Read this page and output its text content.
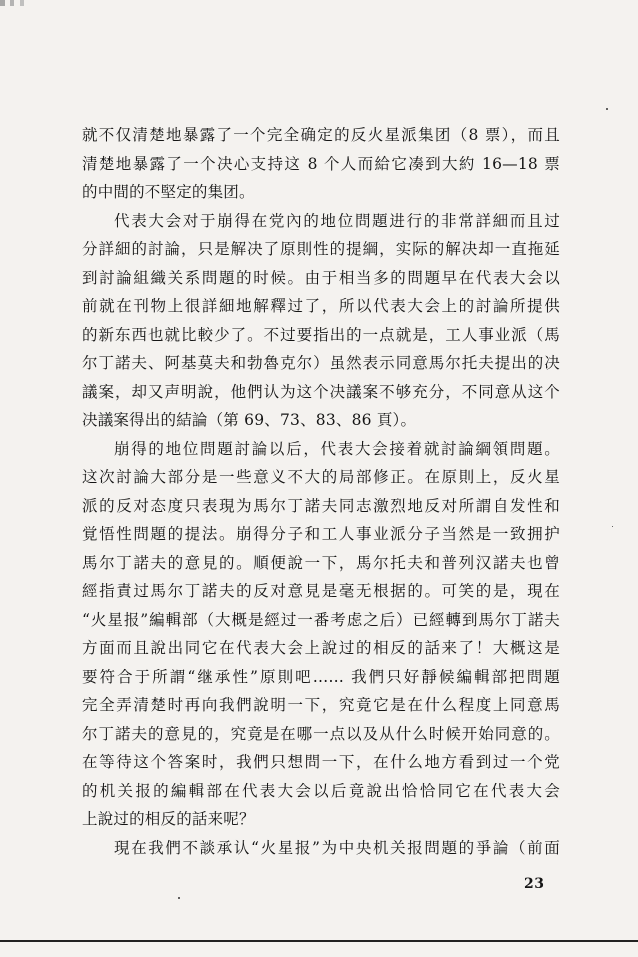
就不仅清楚地暴露了一个完全确定的反火星派集团（8 票），而且
清楚地暴露了一个决心支持这 8 个人而給它凑到大約 16—18 票
的中間的不堅定的集团。
代表大会对于崩得在党內的地位問題进行的非常詳細而且过
分詳細的討論，只是解决了原則性的提綱，实际的解决却一直拖延
到討論組織关系問題的时候。由于相当多的問題早在代表大会以
前就在刊物上很詳細地解釋过了，所以代表大会上的討論所提供
的新东西也就比較少了。不过要指出的一点就是，工人事业派（馬
尔丁諾夫、阿基莫夫和勃魯克尔）虽然表示同意馬尔托夫提出的决
議案，却又声明說，他們认为这个决議案不够充分，不同意从这个
决議案得出的結論（第 69、73、83、86 頁）。
崩得的地位問題討論以后，代表大会接着就討論綱領問題。
这次討論大部分是一些意义不大的局部修正。在原則上，反火星
派的反对态度只表現为馬尔丁諾夫同志激烈地反对所謂自发性和
覚悟性問題的提法。崩得分子和工人事业派分子当然是一致拥护
馬尔丁諾夫的意見的。順便說一下，馬尔托夫和普列汉諾夫也曾
經指責过馬尔丁諾夫的反对意見是毫无根据的。可笑的是，現在
“火星报”編輯部（大概是經过一番考虑之后）已經轉到馬尔丁諾夫
方面而且說出同它在代表大会上說过的相反的話来了！大概这是
要符合于所謂“继承性”原則吧…… 我們只好靜候編輯部把問題
完全弄清楚时再向我們說明一下，究竟它是在什么程度上同意馬
尔丁諾夫的意見的，究竟是在哪一点以及从什么时候开始同意的。
在等待这个答案时，我們只想問一下，在什么地方看到过一个党
的机关报的編輯部在代表大会以后竟說出恰恰同它在代表大会
上說过的相反的話来呢？
現在我們不談承认“火星报”为中央机关报問題的爭論（前面
23
